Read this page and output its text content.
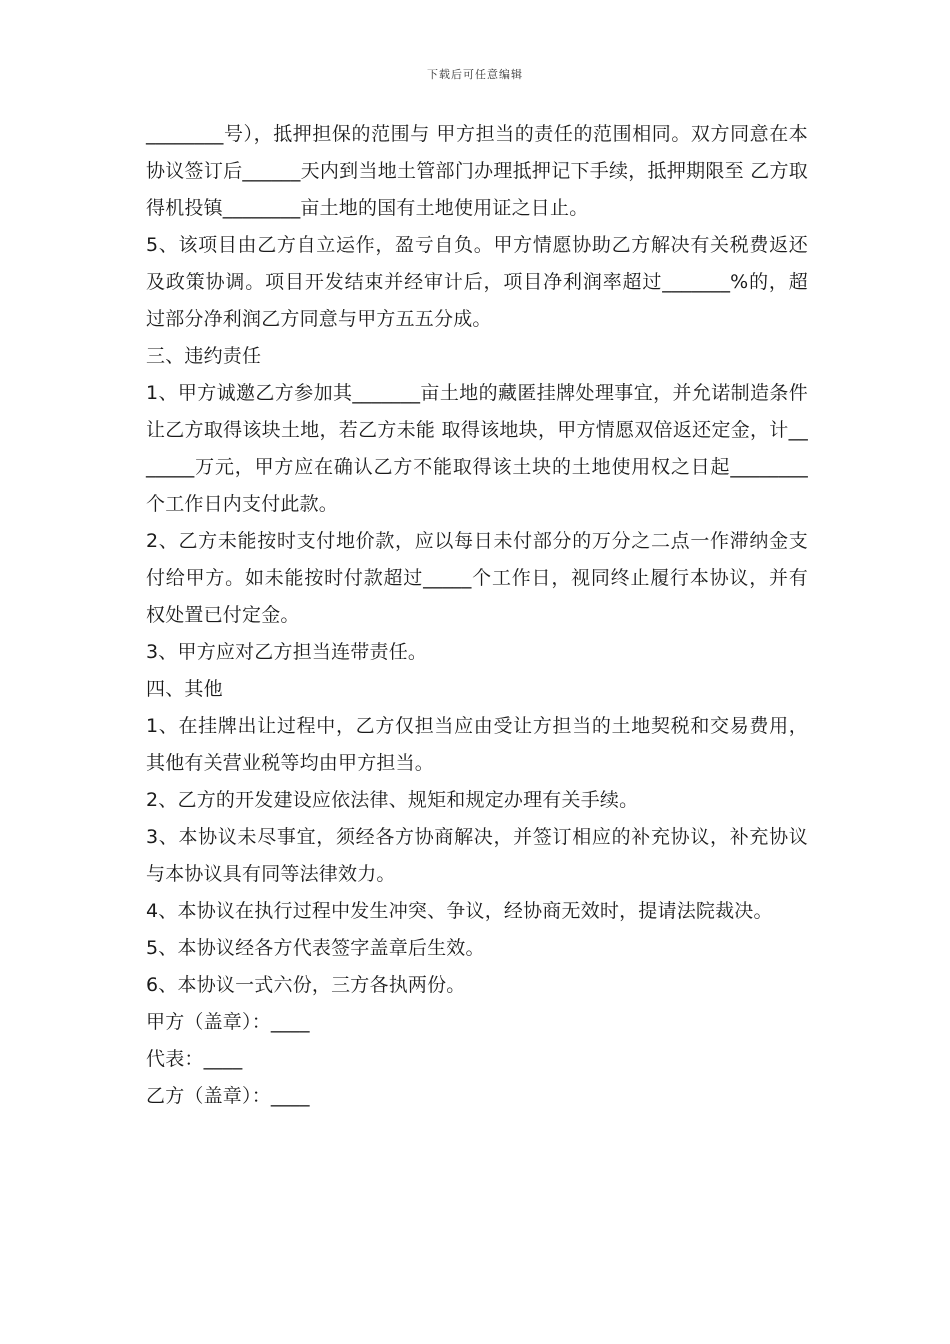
下载后可任意编辑

________号），抵押担保的范围与 甲方担当的责任的范围相同。双方同意在本协议签订后______天内到当地土管部门办理抵押记下手续，抵押期限至 乙方取得机投镇________亩土地的国有土地使用证之日止。

5、该项目由乙方自立运作，盈亏自负。甲方情愿协助乙方解决有关税费返还及政策协调。项目开发结束并经审计后，项目净利润率超过_______%的，超过部分净利润乙方同意与甲方五五分成。

三、违约责任

1、甲方诚邀乙方参加其_______亩土地的藏匿挂牌处理事宜，并允诺制造条件让乙方取得该块土地，若乙方未能 取得该地块，甲方情愿双倍返还定金，计_______万元，甲方应在确认乙方不能取得该土块的土地使用权之日起________个工作日内支付此款。

2、乙方未能按时支付地价款，应以每日未付部分的万分之二点一作滞纳金支付给甲方。如未能按时付款超过_____个工作日，视同终止履行本协议，并有权处置已付定金。

3、甲方应对乙方担当连带责任。

四、其他

1、在挂牌出让过程中，乙方仅担当应由受让方担当的土地契税和交易费用，其他有关营业税等均由甲方担当。

2、乙方的开发建设应依法律、规矩和规定办理有关手续。

3、本协议未尽事宜，须经各方协商解决，并签订相应的补充协议，补充协议与本协议具有同等法律效力。

4、本协议在执行过程中发生冲突、争议，经协商无效时，提请法院裁决。

5、本协议经各方代表签字盖章后生效。

6、本协议一式六份，三方各执两份。

甲方（盖章）：____

代表：____

乙方（盖章）：____
